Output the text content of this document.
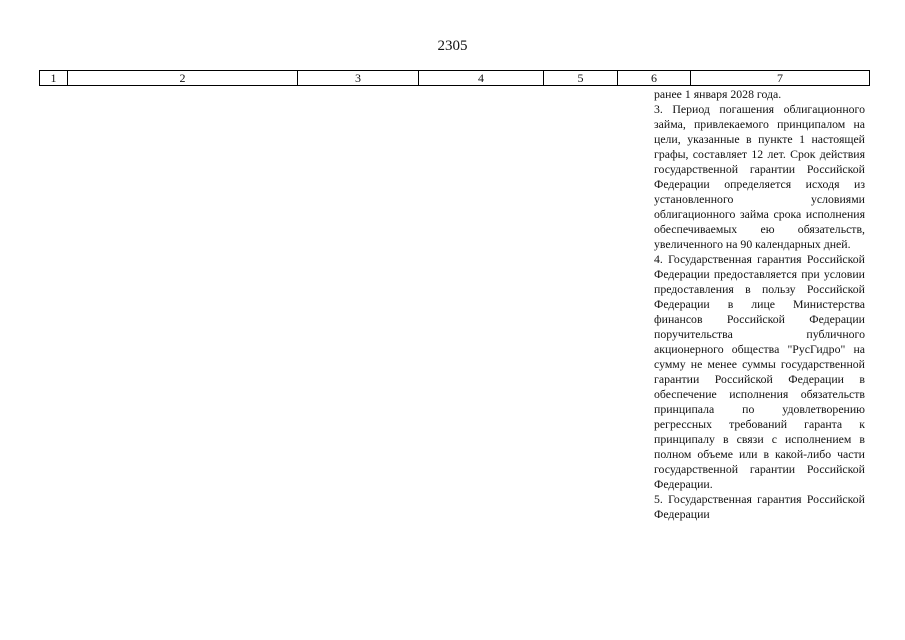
2305
1	2	3	4	5	6	7

ранее 1 января 2028 года.

3. Период погашения облигационного займа, привлекаемого принципалом на цели, указанные в пункте 1 настоящей графы, составляет 12 лет. Срок действия государственной гарантии Российской Федерации определяется исходя из установленного условиями облигационного займа срока исполнения обеспечиваемых ею обязательств, увеличенного на 90 календарных дней.

4. Государственная гарантия Российской Федерации предоставляется при условии предоставления в пользу Российской Федерации в лице Министерства финансов Российской Федерации поручительства публичного акционерного общества "РусГидро" на сумму не менее суммы государственной гарантии Российской Федерации в обеспечение исполнения обязательств принципала по удовлетворению регрессных требований гаранта к принципалу в связи с исполнением в полном объеме или в какой-либо части государственной гарантии Российской Федерации.

5. Государственная гарантия Российской Федерации
